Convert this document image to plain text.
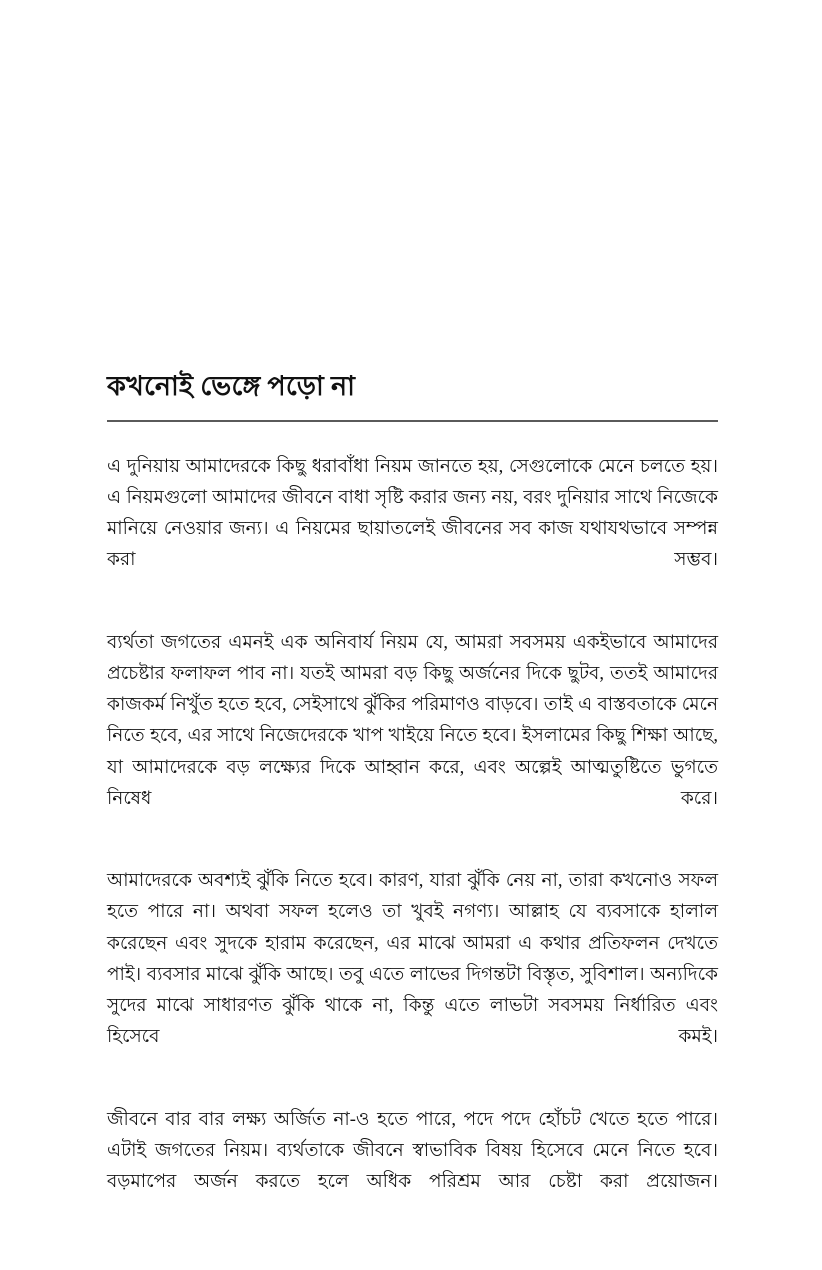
কখনোই ভেঙ্গে পড়ো না

এ দুনিয়ায় আমাদেরকে কিছু ধরাবাঁধা নিয়ম জানতে হয়, সেগুলোকে মেনে চলতে হয়। এ নিয়মগুলো আমাদের জীবনে বাধা সৃষ্টি করার জন্য নয়, বরং দুনিয়ার সাথে নিজেকে মানিয়ে নেওয়ার জন্য। এ নিয়মের ছায়াতলেই জীবনের সব কাজ যথাযথভাবে সম্পন্ন করা সম্ভব।

ব্যর্থতা জগতের এমনই এক অনিবার্য নিয়ম যে, আমরা সবসময় একইভাবে আমাদের প্রচেষ্টার ফলাফল পাব না। যতই আমরা বড় কিছু অর্জনের দিকে ছুটব, ততই আমাদের কাজকর্ম নিখুঁত হতে হবে, সেইসাথে ঝুঁকির পরিমাণও বাড়বে। তাই এ বাস্তবতাকে মেনে নিতে হবে, এর সাথে নিজেদেরকে খাপ খাইয়ে নিতে হবে। ইসলামের কিছু শিক্ষা আছে, যা আমাদেরকে বড় লক্ষ্যের দিকে আহ্বান করে, এবং অল্পেই আত্মতুষ্টিতে ভুগতে নিষেধ করে।

আমাদেরকে অবশ্যই ঝুঁকি নিতে হবে। কারণ, যারা ঝুঁকি নেয় না, তারা কখনোও সফল হতে পারে না। অথবা সফল হলেও তা খুবই নগণ্য। আল্লাহ যে ব্যবসাকে হালাল করেছেন এবং সুদকে হারাম করেছেন, এর মাঝে আমরা এ কথার প্রতিফলন দেখতে পাই। ব্যবসার মাঝে ঝুঁকি আছে। তবু এতে লাভের দিগন্তটা বিস্তৃত, সুবিশাল। অন্যদিকে সুদের মাঝে সাধারণত ঝুঁকি থাকে না, কিন্তু এতে লাভটা সবসময় নির্ধারিত এবং হিসেবে কমই।

জীবনে বার বার লক্ষ্য অর্জিত না-ও হতে পারে, পদে পদে হোঁচট খেতে হতে পারে। এটাই জগতের নিয়ম। ব্যর্থতাকে জীবনে স্বাভাবিক বিষয় হিসেবে মেনে নিতে হবে। বড়মাপের অর্জন করতে হলে অধিক পরিশ্রম আর চেষ্টা করা প্রয়োজন।
